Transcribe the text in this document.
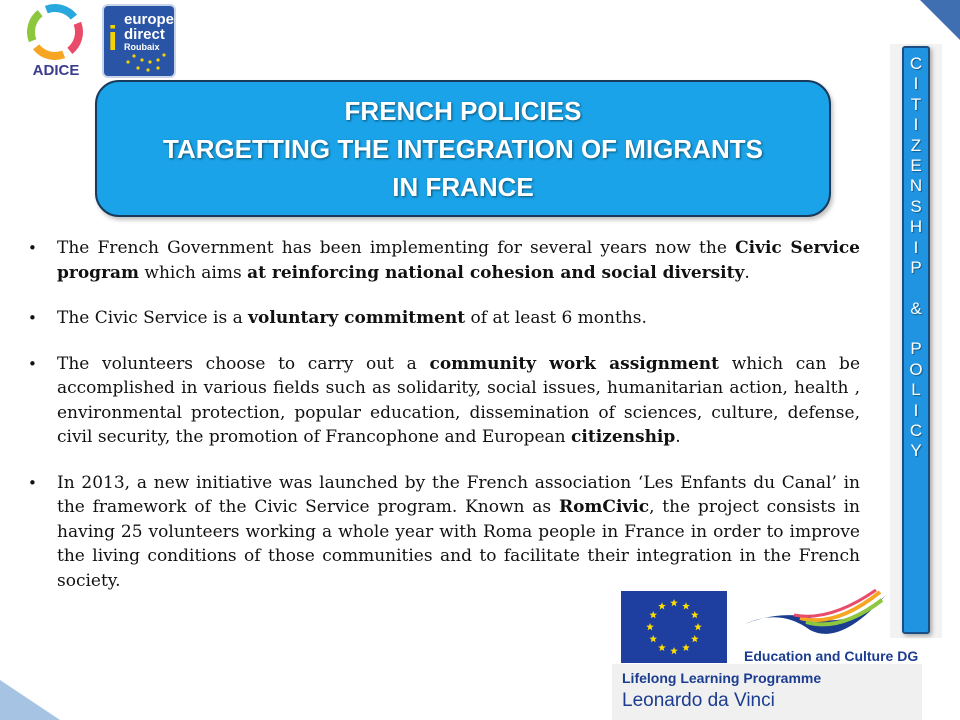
ADICE
i
europe
direct
Roubaix
FRENCH POLICIES
TARGETTING THE INTEGRATION OF MIGRANTS
IN FRANCE
• The French Government has been implementing for several years now the Civic Service program which aims at reinforcing national cohesion and social diversity.
• The Civic Service is a voluntary commitment of at least 6 months.
• The volunteers choose to carry out a community work assignment which can be accomplished in various fields such as solidarity, social issues, humanitarian action, health , environmental protection, popular education, dissemination of sciences, culture, defense, civil security, the promotion of Francophone and European citizenship.
• In 2013, a new initiative was launched by the French association ‘Les Enfants du Canal’ in the framework of the Civic Service program. Known as RomCivic, the project consists in having 25 volunteers working a whole year with Roma people in France in order to improve the living conditions of those communities and to facilitate their integration in the French society.
C
I
T
I
Z
E
N
S
H
I
P
&
P
O
L
I
C
Y
Education and Culture DG
Lifelong Learning Programme
Leonardo da Vinci
